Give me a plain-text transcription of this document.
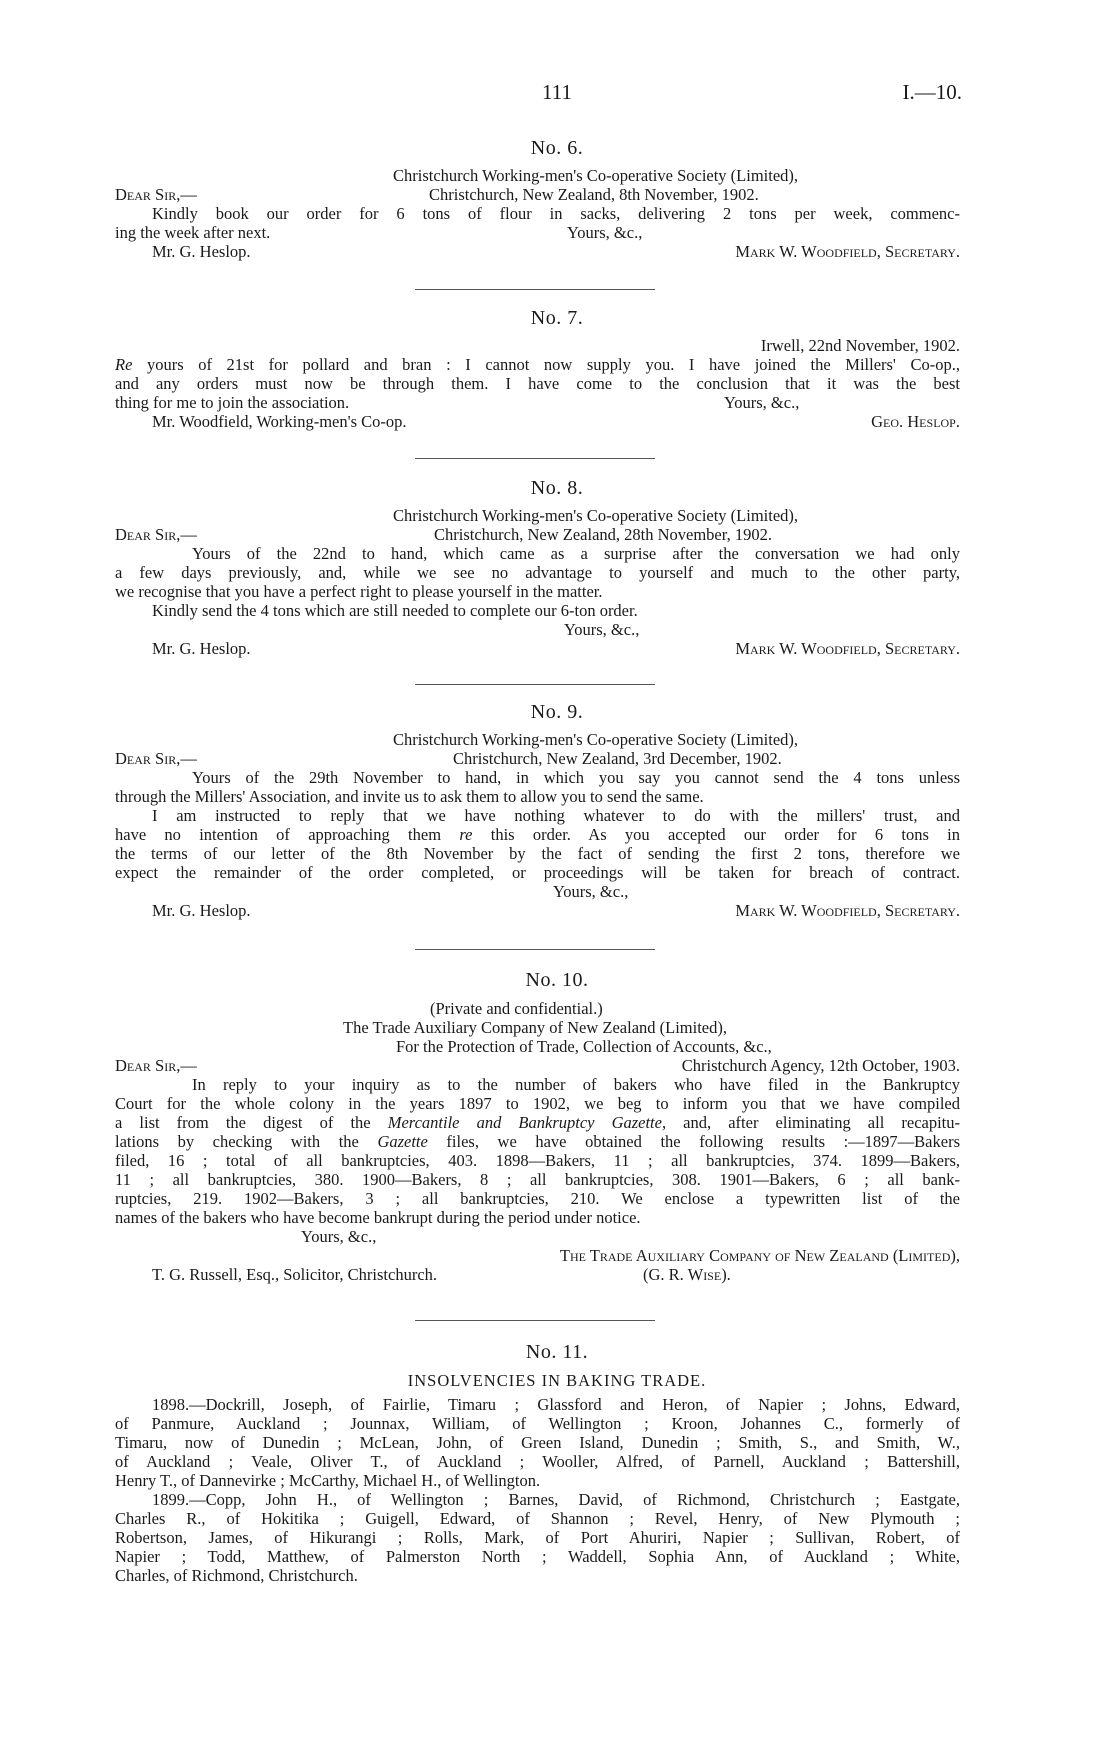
111	I.—10.
No. 6.
Christchurch Working-men's Co-operative Society (Limited),
Dear Sir,—	Christchurch, New Zealand, 8th November, 1902.
Kindly book our order for 6 tons of flour in sacks, delivering 2 tons per week, commenc-
ing the week after next.	Yours, &c.,
Mr. G. Heslop.	Mark W. Woodfield, Secretary.
No. 7.
Irwell, 22nd November, 1902.
Re yours of 21st for pollard and bran : I cannot now supply you. I have joined the Millers' Co-op.,
and any orders must now be through them. I have come to the conclusion that it was the best
thing for me to join the association.	Yours, &c.,
Mr. Woodfield, Working-men's Co-op.	Geo. Heslop.
No. 8.
Christchurch Working-men's Co-operative Society (Limited),
Dear Sir,—	Christchurch, New Zealand, 28th November, 1902.
Yours of the 22nd to hand, which came as a surprise after the conversation we had only
a few days previously, and, while we see no advantage to yourself and much to the other party,
we recognise that you have a perfect right to please yourself in the matter.
Kindly send the 4 tons which are still needed to complete our 6-ton order.
Yours, &c.,
Mr. G. Heslop.	Mark W. Woodfield, Secretary.
No. 9.
Christchurch Working-men's Co-operative Society (Limited),
Dear Sir,—	Christchurch, New Zealand, 3rd December, 1902.
Yours of the 29th November to hand, in which you say you cannot send the 4 tons unless
through the Millers' Association, and invite us to ask them to allow you to send the same.
I am instructed to reply that we have nothing whatever to do with the millers' trust, and
have no intention of approaching them re this order. As you accepted our order for 6 tons in
the terms of our letter of the 8th November by the fact of sending the first 2 tons, therefore we
expect the remainder of the order completed, or proceedings will be taken for breach of contract.
Yours, &c.,
Mr. G. Heslop.	Mark W. Woodfield, Secretary.
No. 10.
(Private and confidential.)
The Trade Auxiliary Company of New Zealand (Limited),
For the Protection of Trade, Collection of Accounts, &c.,
Dear Sir,—	Christchurch Agency, 12th October, 1903.
In reply to your inquiry as to the number of bakers who have filed in the Bankruptcy
Court for the whole colony in the years 1897 to 1902, we beg to inform you that we have compiled
a list from the digest of the Mercantile and Bankruptcy Gazette, and, after eliminating all recapitu-
lations by checking with the Gazette files, we have obtained the following results :—1897—Bakers
filed, 16 ; total of all bankruptcies, 403. 1898—Bakers, 11 ; all bankruptcies, 374. 1899—Bakers,
11 ; all bankruptcies, 380. 1900—Bakers, 8 ; all bankruptcies, 308. 1901—Bakers, 6 ; all bank-
ruptcies, 219. 1902—Bakers, 3 ; all bankruptcies, 210. We enclose a typewritten list of the
names of the bakers who have become bankrupt during the period under notice.
Yours, &c.,
The Trade Auxiliary Company of New Zealand (Limited),
T. G. Russell, Esq., Solicitor, Christchurch.	(G. R. Wise).
No. 11.
INSOLVENCIES IN BAKING TRADE.
1898.—Dockrill, Joseph, of Fairlie, Timaru ; Glassford and Heron, of Napier ; Johns, Edward,
of Panmure, Auckland ; Jounnax, William, of Wellington ; Kroon, Johannes C., formerly of
Timaru, now of Dunedin ; McLean, John, of Green Island, Dunedin ; Smith, S., and Smith, W.,
of Auckland ; Veale, Oliver T., of Auckland ; Wooller, Alfred, of Parnell, Auckland ; Battershill,
Henry T., of Dannevirke ; McCarthy, Michael H., of Wellington.
1899.—Copp, John H., of Wellington ; Barnes, David, of Richmond, Christchurch ; Eastgate,
Charles R., of Hokitika ; Guigell, Edward, of Shannon ; Revel, Henry, of New Plymouth ;
Robertson, James, of Hikurangi ; Rolls, Mark, of Port Ahuriri, Napier ; Sullivan, Robert, of
Napier ; Todd, Matthew, of Palmerston North ; Waddell, Sophia Ann, of Auckland ; White,
Charles, of Richmond, Christchurch.
